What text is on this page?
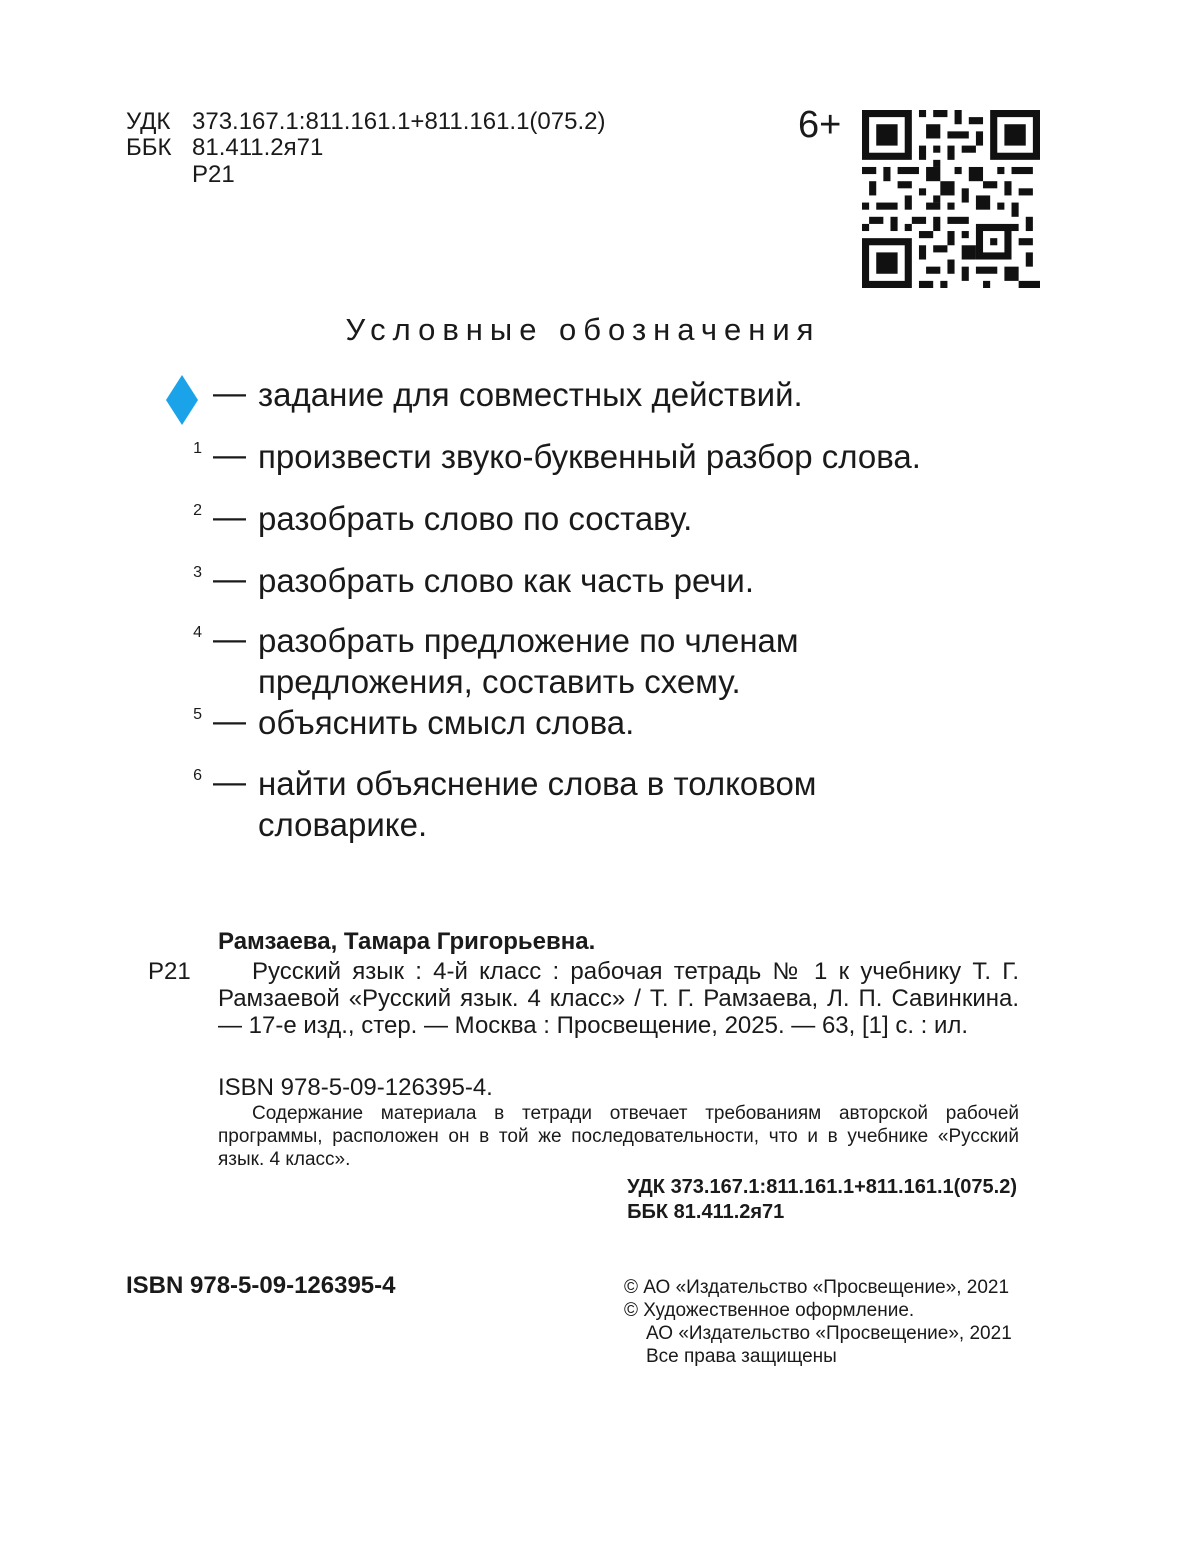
УДК 373.167.1:811.161.1+811.161.1(075.2)
ББК 81.411.2я71
Р21
6+
Условные обозначения
— задание для совместных действий.
1 — произвести звуко-буквенный разбор слова.
2 — разобрать слово по составу.
3 — разобрать слово как часть речи.
4 — разобрать предложение по членам
предложения, составить схему.
5 — объяснить смысл слова.
6 — найти объяснение слова в толковом
словарике.
Рамзаева, Тамара Григорьевна.
Р21	Русский язык : 4-й класс : рабочая тетрадь № 1 к учебнику Т. Г. Рамзаевой «Русский язык. 4 класс» / Т. Г. Рамзаева, Л. П. Савинкина. — 17-е изд., стер. — Москва : Просвещение, 2025. — 63, [1] с. : ил.
ISBN 978-5-09-126395-4.
Содержание материала в тетради отвечает требованиям авторской рабочей программы, расположен он в той же последовательности, что и в учебнике «Русский язык. 4 класс».
УДК 373.167.1:811.161.1+811.161.1(075.2)
ББК 81.411.2я71
ISBN 978-5-09-126395-4	© АО «Издательство «Просвещение», 2021
© Художественное оформление.
АО «Издательство «Просвещение», 2021
Все права защищены
